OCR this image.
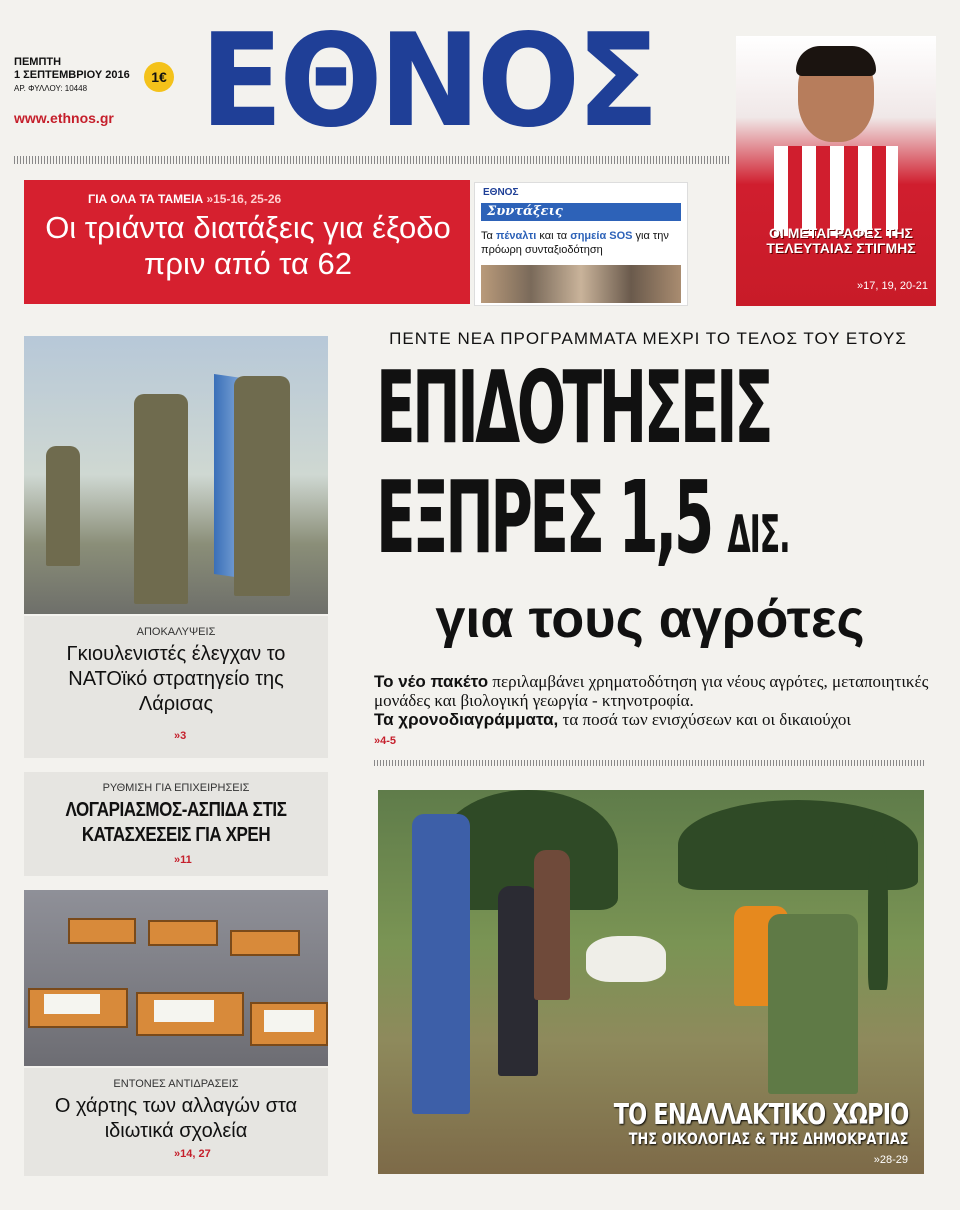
ΠΕΜΠΤΗ
1 ΣΕΠΤΕΜΒΡΙΟΥ 2016
ΑΡ. ΦΥΛΛΟΥ: 10448
1€
www.ethnos.gr ΕΘΝΟΣ
ΓΙΑ ΟΛΑ ΤΑ ΤΑΜΕΙΑ »15-16, 25-26
Οι τριάντα διατάξεις για έξοδο πριν από τα 62
ΕΘΝΟΣ
Συντάξεις
Τα πέναλτι και τα σημεία SOS για την πρόωρη συνταξιοδότηση
ΟΙ ΜΕΤΑΓΡΑΦΕΣ ΤΗΣ ΤΕΛΕΥΤΑΙΑΣ ΣΤΙΓΜΗΣ
»17, 19, 20-21
ΑΠΟΚΑΛΥΨΕΙΣ
Γκιουλενιστές έλεγχαν το ΝΑΤΟϊκό στρατηγείο της Λάρισας
»3
ΡΥΘΜΙΣΗ ΓΙΑ ΕΠΙΧΕΙΡΗΣΕΙΣ
ΛΟΓΑΡΙΑΣΜΟΣ-ΑΣΠΙΔΑ ΣΤΙΣ ΚΑΤΑΣΧΕΣΕΙΣ ΓΙΑ ΧΡΕΗ
»11
ΕΝΤΟΝΕΣ ΑΝΤΙΔΡΑΣΕΙΣ
Ο χάρτης των αλλαγών στα ιδιωτικά σχολεία
»14, 27
ΠΕΝΤΕ ΝΕΑ ΠΡΟΓΡΑΜΜΑΤΑ ΜΕΧΡΙ ΤΟ ΤΕΛΟΣ ΤΟΥ ΕΤΟΥΣ
ΕΠΙΔΟΤΗΣΕΙΣ
ΕΞΠΡΕΣ 1,5 ΔΙΣ.
για τους αγρότες
Το νέο πακέτο περιλαμβάνει χρηματοδότηση για νέους αγρότες, μεταποιητικές μονάδες και βιολογική γεωργία - κτηνοτροφία.
Τα χρονοδιαγράμματα, τα ποσά των ενισχύσεων και οι δικαιούχοι
»4-5
ΤΟ ΕΝΑΛΛΑΚΤΙΚΟ ΧΩΡΙΟ
ΤΗΣ ΟΙΚΟΛΟΓΙΑΣ & ΤΗΣ ΔΗΜΟΚΡΑΤΙΑΣ
»28-29
